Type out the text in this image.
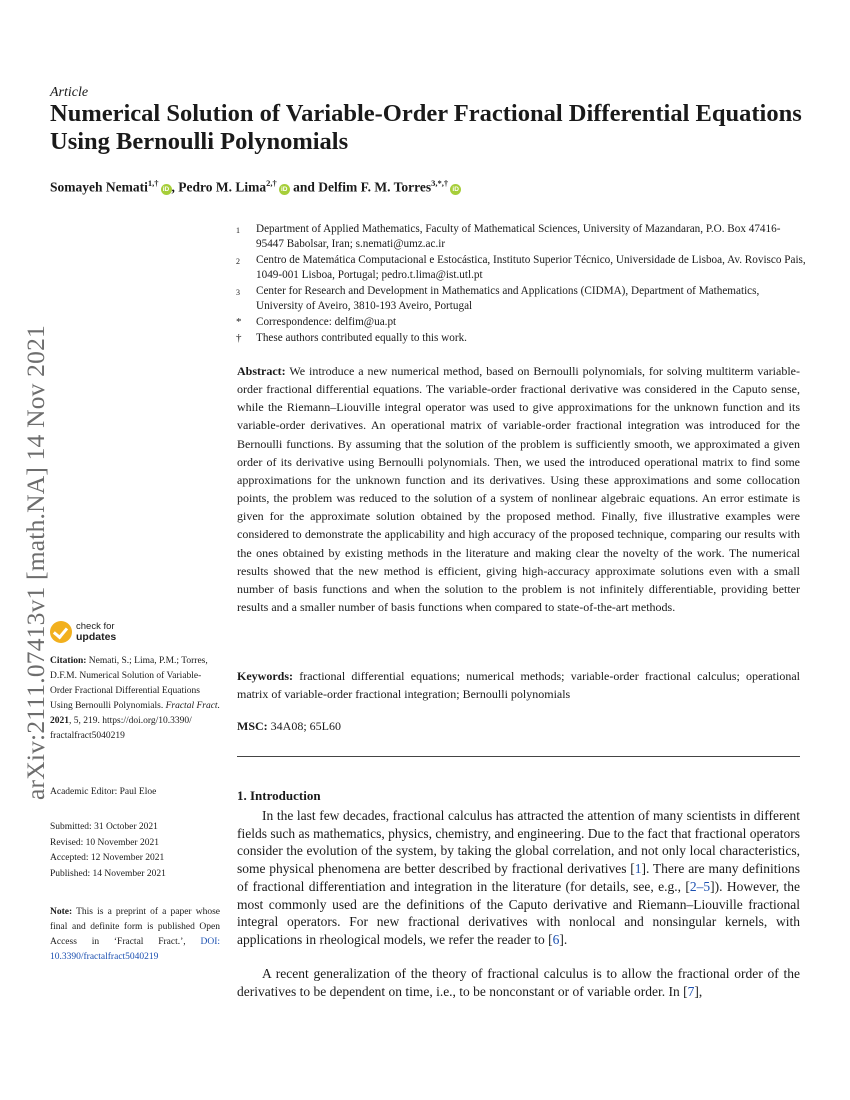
arXiv:2111.07413v1 [math.NA] 14 Nov 2021
Article
Numerical Solution of Variable-Order Fractional Differential Equations Using Bernoulli Polynomials
Somayeh Nemati$^{1,\dagger}$iD , Pedro M. Lima$^{2,\dagger}$iD and Delfim F. M. Torres$^{3,*,\dagger}$iD
1	Department of Applied Mathematics, Faculty of Mathematical Sciences, University of Mazandaran, P.O. Box 47416-95447 Babolsar, Iran; s.nemati@umz.ac.ir
2	Centro de Matemática Computacional e Estocástica, Instituto Superior Técnico, Universidade de Lisboa, Av. Rovisco Pais, 1049-001 Lisboa, Portugal; pedro.t.lima@ist.utl.pt
3	Center for Research and Development in Mathematics and Applications (CIDMA), Department of Mathematics, University of Aveiro, 3810-193 Aveiro, Portugal
*	Correspondence: delfim@ua.pt
†	These authors contributed equally to this work.

Abstract: We introduce a new numerical method, based on Bernoulli polynomials, for solving multiterm variable-order fractional differential equations. The variable-order fractional derivative was considered in the Caputo sense, while the Riemann–Liouville integral operator was used to give approximations for the unknown function and its variable-order derivatives. An operational matrix of variable-order fractional integration was introduced for the Bernoulli functions. By assuming that the solution of the problem is sufficiently smooth, we approximated a given order of its derivative using Bernoulli polynomials. Then, we used the introduced operational matrix to find some approximations for the unknown function and its derivatives. Using these approximations and some collocation points, the problem was reduced to the solution of a system of nonlinear algebraic equations. An error estimate is given for the approximate solution obtained by the proposed method. Finally, five illustrative examples were considered to demonstrate the applicability and high accuracy of the proposed technique, comparing our results with the ones obtained by existing methods in the literature and making clear the novelty of the work. The numerical results showed that the new method is efficient, giving high-accuracy approximate solutions even with a small number of basis functions and when the solution to the problem is not infinitely differentiable, providing better results and a smaller number of basis functions when compared to state-of-the-art methods.

Keywords: fractional differential equations; numerical methods; variable-order fractional calculus; operational matrix of variable-order fractional integration; Bernoulli polynomials

MSC: 34A08; 65L60
1. Introduction

In the last few decades, fractional calculus has attracted the attention of many scientists in different fields such as mathematics, physics, chemistry, and engineering. Due to the fact that fractional operators consider the evolution of the system, by taking the global correlation, and not only local characteristics, some physical phenomena are better described by fractional derivatives [1]. There are many definitions of fractional differentiation and integration in the literature (for details, see, e.g., [2–5]). However, the most commonly used are the definitions of the Caputo derivative and Riemann–Liouville fractional integral operators. For new fractional derivatives with nonlocal and nonsingular kernels, with applications in rheological models, we refer the reader to [6].

A recent generalization of the theory of fractional calculus is to allow the fractional order of the derivatives to be dependent on time, i.e., to be nonconstant or of variable order. In [7],

check for
updates

Citation: Nemati, S.; Lima, P.M.; Torres, D.F.M. Numerical Solution of Variable-Order Fractional Differential Equations Using Bernoulli Polynomials. Fractal Fract. 2021, 5, 219. https://doi.org/10.3390/ fractalfract5040219

Academic Editor: Paul Eloe
Submitted: 31 October 2021
Revised: 10 November 2021
Accepted: 12 November 2021
Published: 14 November 2021

Note: This is a preprint of a paper whose final and definite form is published Open Access in ‘Fractal Fract.’, DOI: 10.3390/fractalfract5040219
